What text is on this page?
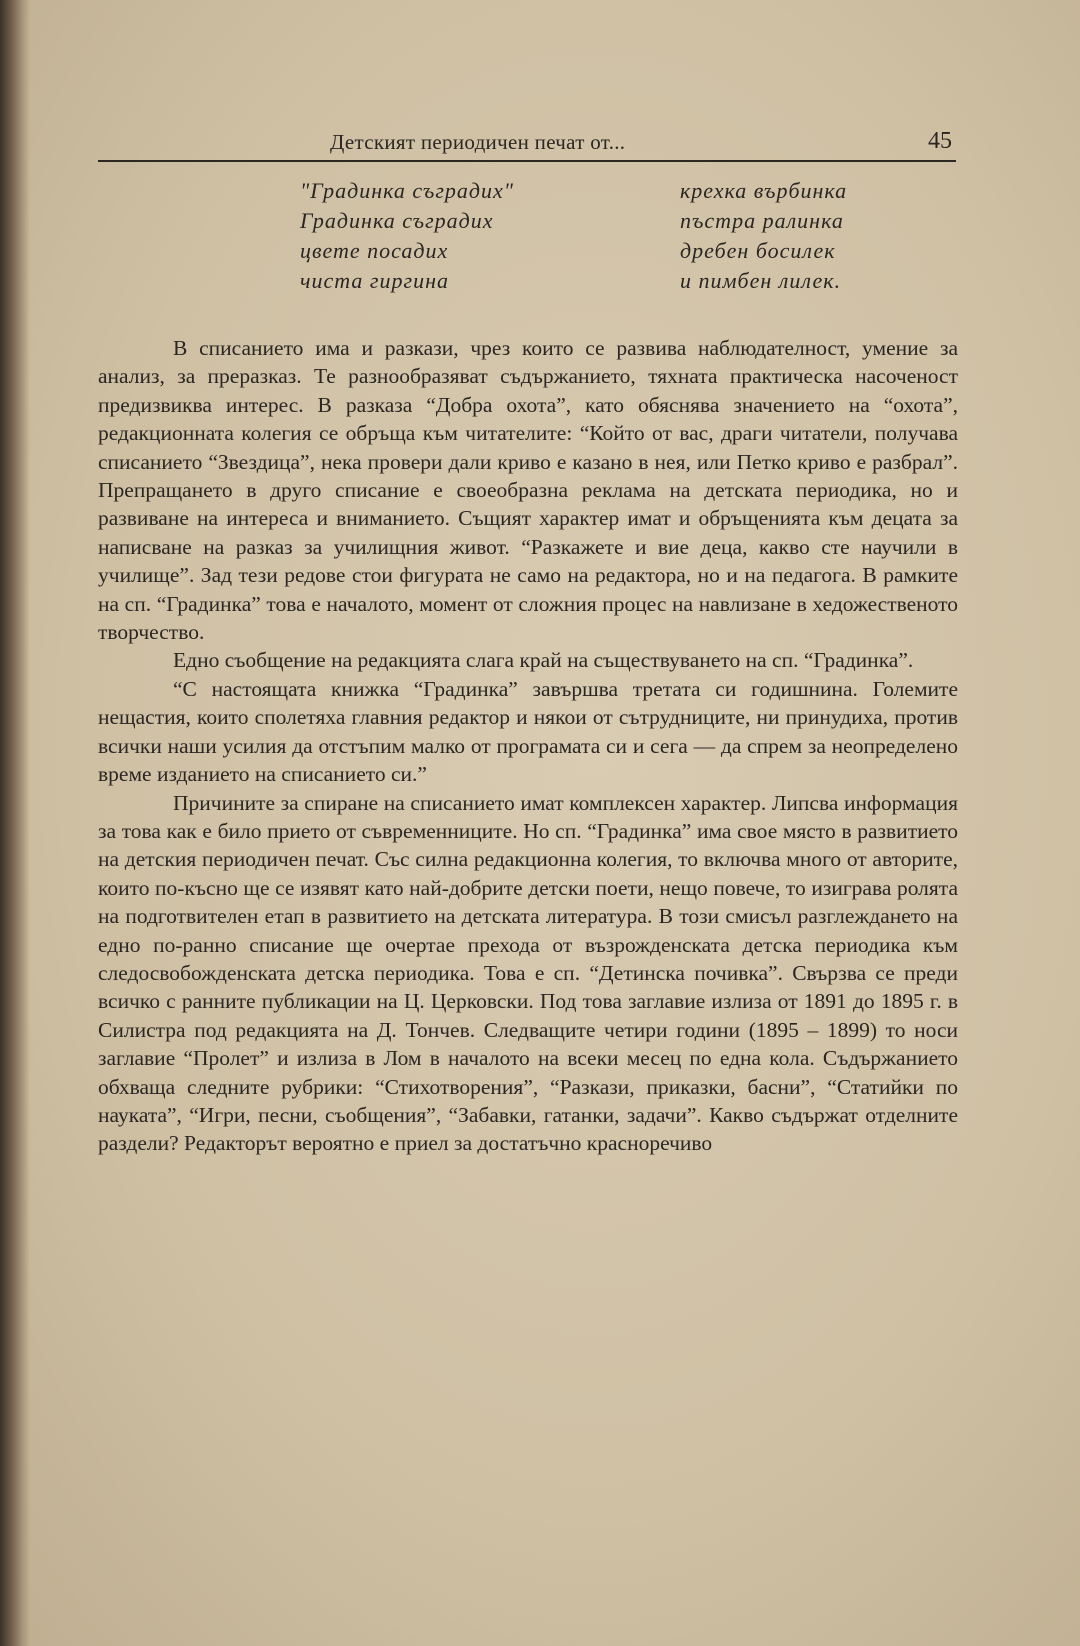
Детският периодичен печат от...	45
"Градинка съградих"
Градинка съградих
цвете посадих
чиста гиргина
крехка върбинка
пъстра ралинка
дребен босилек
и пимбен лилек.

В списанието има и разкази, чрез които се развива наблюдателност, умение за анализ, за преразказ. Те разнообразяват съдържанието, тяхната практическа насоченост предизвиква интерес. В разказа “Добра охота”, като обяснява значението на “охота”, редакционната колегия се обръща към читателите: “Който от вас, драги читатели, получава списанието “Звездица”, нека провери дали криво е казано в нея, или Петко криво е разбрал”. Препращането в друго списание е своеобразна реклама на детската периодика, но и развиване на интереса и вниманието. Същият характер имат и обръщенията към децата за написване на разказ за училищния живот. “Разкажете и вие деца, какво сте научили в училище”. Зад тези редове стои фигурата не само на редактора, но и на педагога. В рамките на сп. “Градинка” това е началото, момент от сложния процес на навлизане в хедожественото творчество.

Едно съобщение на редакцията слага край на съществуването на сп. “Градинка”.

“С настоящата книжка “Градинка” завършва третата си годишнина. Големите нещастия, които сполетяха главния редактор и някои от сътрудниците, ни принудиха, против всички наши усилия да отстъпим малко от програмата си и сега — да спрем за неопределено време изданието на списанието си.”

Причините за спиране на списанието имат комплексен характер. Липсва информация за това как е било прието от съвременниците. Но сп. “Градинка” има свое място в развитието на детския периодичен печат. Със силна редакционна колегия, то включва много от авторите, които по-късно ще се изявят като най-добрите детски поети, нещо повече, то изиграва ролята на подготвителен етап в развитието на детската литература. В този смисъл разглеждането на едно по-ранно списание ще очертае прехода от възрожденската детска периодика към следосвобожденската детска периодика. Това е сп. “Детинска почивка”. Свързва се преди всичко с ранните публикации на Ц. Церковски. Под това заглавие излиза от 1891 до 1895 г. в Силистра под редакцията на Д. Тончев. Следващите четири години (1895 – 1899) то носи заглавие “Пролет” и излиза в Лом в началото на всеки месец по една кола. Съдържанието обхваща следните рубрики: “Стихотворения”, “Разкази, приказки, басни”, “Статийки по науката”, “Игри, песни, съобщения”, “Забавки, гатанки, задачи”. Какво съдържат отделните раздели? Редакторът вероятно е приел за достатъчно красноречиво
